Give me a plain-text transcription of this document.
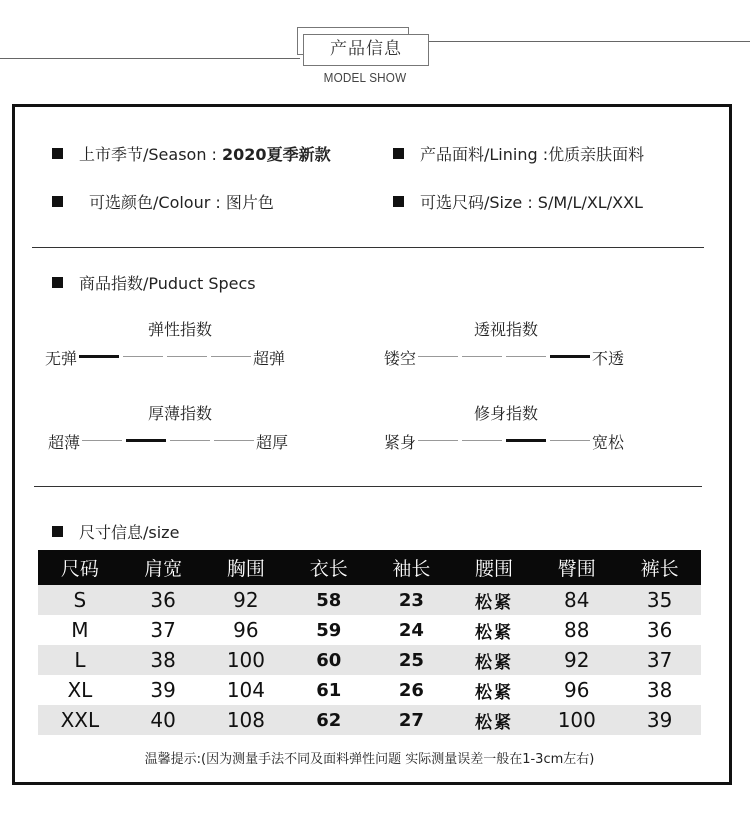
产品信息
MODEL SHOW
上市季节/Season : 2020夏季新款	产品面料/Lining :优质亲肤面料
可选颜色/Colour : 图片色	可选尺码/Size : S/M/L/XL/XXL
商品指数/Puduct Specs
弹性指数
无弹	超弹
透视指数
镂空	不透
厚薄指数
超薄	超厚
修身指数
紧身	宽松
尺寸信息/size
尺码	肩宽	胸围	衣长	袖长	腰围	臀围	裤长
S	36	92	58	23	松紧	84	35
M	37	96	59	24	松紧	88	36
L	38	100	60	25	松紧	92	37
XL	39	104	61	26	松紧	96	38
XXL	40	108	62	27	松紧	100	39
温馨提示:(因为测量手法不同及面料弹性问题 实际测量误差一般在1-3cm左右)
